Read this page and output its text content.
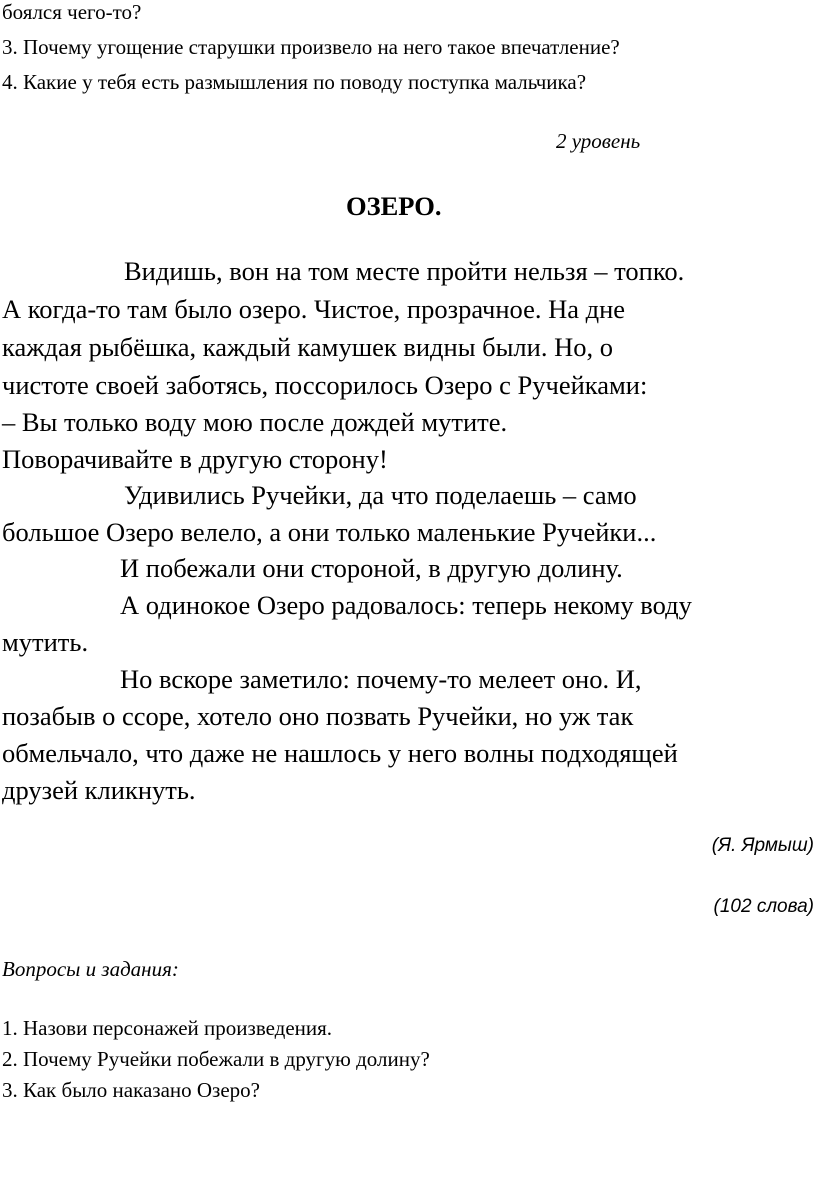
боялся чего-то?
3. Почему угощение старушки произвело на него такое впечатление?
4. Какие у тебя есть размышления по поводу поступка мальчика?
2 уровень
ОЗЕРО.
Видишь, вон на том месте пройти нельзя – топко.
А когда-то там было озеро. Чистое, прозрачное. На дне
каждая рыбёшка, каждый камушек видны были. Но, о
чистоте своей заботясь, поссорилось Озеро с Ручейками:
– Вы только воду мою после дождей мутите.
Поворачивайте в другую сторону!
Удивились Ручейки, да что поделаешь – само
большое Озеро велело, а они только маленькие Ручейки...
И побежали они стороной, в другую долину.
А одинокое Озеро радовалось: теперь некому воду
мутить.
Но вскоре заметило: почему-то мелеет оно. И,
позабыв о ссоре, хотело оно позвать Ручейки, но уж так
обмельчало, что даже не нашлось у него волны подходящей
друзей кликнуть.
(Я. Ярмыш)
(102 слова)
Вопросы и задания:
1. Назови персонажей произведения.
2. Почему Ручейки побежали в другую долину?
3. Как было наказано Озеро?
